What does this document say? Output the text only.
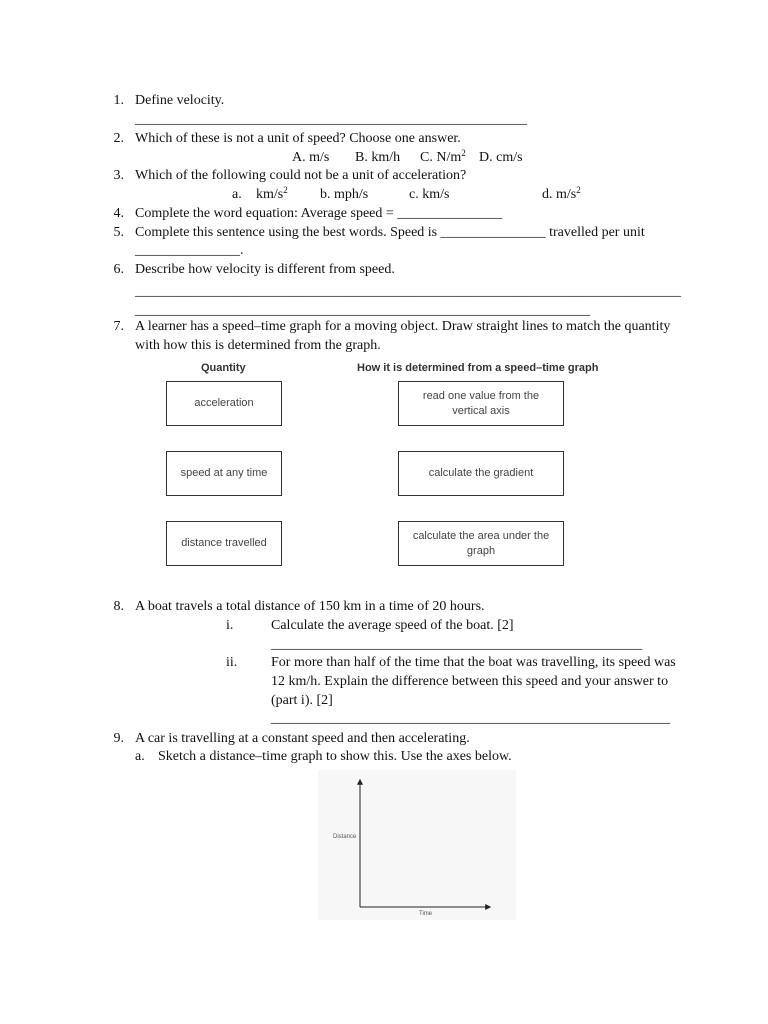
1. Define velocity.
________________________________________________________
2. Which of these is not a unit of speed? Choose one answer.
A. m/s B. km/h C. $N/m^2$ D. cm/s
3. Which of the following could not be a unit of acceleration?
a. $km/s^2$ b. mph/s	c. km/s	d. $m/s^2$
4. Complete the word equation: Average speed = _______________
5. Complete this sentence using the best words. Speed is _______________ travelled per unit
_______________.
6. Describe how velocity is different from speed.
______________________________________________________________________________
_________________________________________________________________
7. A learner has a speed–time graph for a moving object. Draw straight lines to match the quantity
with how this is determined from the graph.
Quantity	How it is determined from a speed–time graph
acceleration
speed at any time
distance travelled
read one value from the vertical axis
calculate the gradient
calculate the area under the graph
8. A boat travels a total distance of 150 km in a time of 20 hours.
i.	Calculate the average speed of the boat. [2]
_____________________________________________________
ii. For more than half of the time that the boat was travelling, its speed was
12 km/h. Explain the difference between this speed and your answer to
(part i). [2]
_________________________________________________________
9. A car is travelling at a constant speed and then accelerating.
a. Sketch a distance–time graph to show this. Use the axes below.
Distance
Time
